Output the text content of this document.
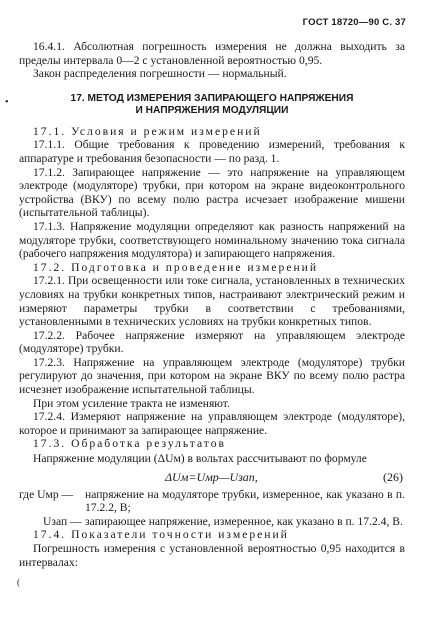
ГОСТ 18720—90 С. 37
•
(

16.4.1. Абсолютная погрешность измерения не должна выходить за пределы интервала 0—2 с установленной вероятностью 0,95.

Закон распределения погрешности — нормальный.

17. МЕТОД ИЗМЕРЕНИЯ ЗАПИРАЮЩЕГО НАПРЯЖЕНИЯ
И НАПРЯЖЕНИЯ МОДУЛЯЦИИ

17.1. Условия и режим измерений

17.1.1. Общие требования к проведению измерений, требования к аппаратуре и требования безопасности — по разд. 1.

17.1.2. Запирающее напряжение — это напряжение на управляющем электроде (модуляторе) трубки, при котором на экране видеоконтрольного устройства (ВКУ) по всему полю растра исчезает изображение мишени (испытательной таблицы).

17.1.3. Напряжение модуляции определяют как разность напряжений на модуляторе трубки, соответствующего номинальному значению тока сигнала (рабочего напряжения модулятора) и запирающего напряжения.

17.2. Подготовка и проведение измерений

17.2.1. При освещенности или токе сигнала, установленных в технических условиях на трубки конкретных типов, настраивают электрический режим и измеряют параметры трубки в соответствии с требованиями, установленными в технических условиях на трубки конкретных типов.

17.2.2. Рабочее напряжение измеряют на управляющем электроде (модуляторе) трубки.

17.2.3. Напряжение на управляющем электроде (модуляторе) трубки регулируют до значения, при котором на экране ВКУ по всему полю растра исчезнет изображение испытательной таблицы.

При этом усиление тракта не изменяют.

17.2.4. Измеряют напряжение на управляющем электроде (модуляторе), которое и принимают за запирающее напряжение.

17.3. Обработка результатов

Напряжение модуляции (ΔUм) в вольтах рассчитывают по формуле

ΔUм=Uмр—Uзап,	(26)
где Uмр —	напряжение на модуляторе трубки, измеренное, как указано в п. 17.2.2, В;
Uзап — запирающее напряжение, измеренное, как указано в п. 17.2.4, В.

17.4. Показатели точности измерений

Погрешность измерения с установленной вероятностью 0,95 находится в интервалах:
